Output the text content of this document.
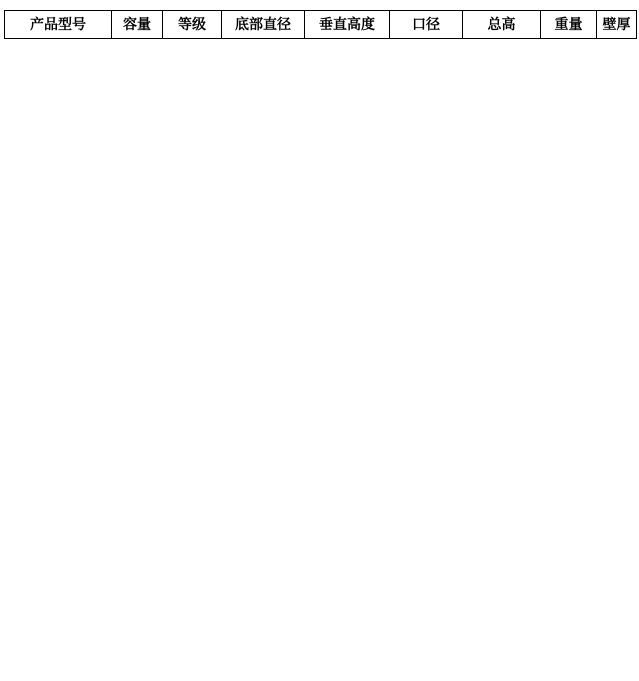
产品型号	容量	等级	底部直径	垂直高度	口径	总高	重量	壁厚
